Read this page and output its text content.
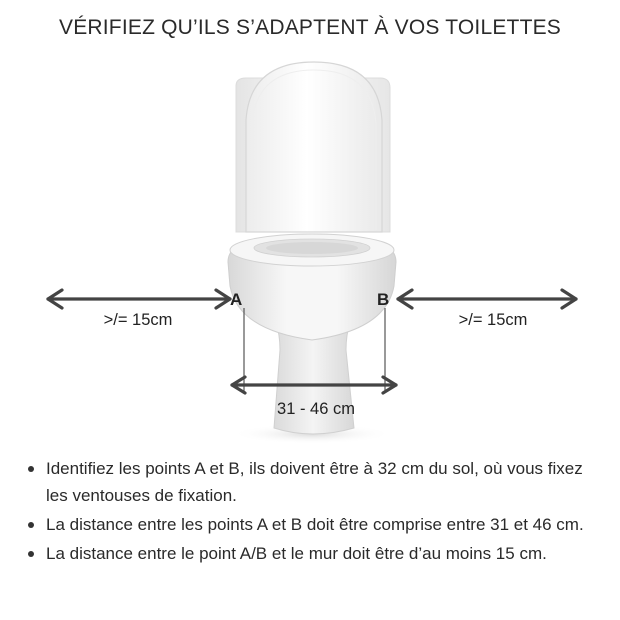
VÉRIFIEZ QU’ILS S’ADAPTENT À VOS TOILETTES
A	B
>/= 15cm	>/= 15cm
31 - 46 cm
Identifiez les points A et B, ils doivent être à 32 cm du sol, où vous fixez les ventouses de fixation.
La distance entre les points A et B doit être comprise entre 31 et 46 cm.
La distance entre le point A/B et le mur doit être d’au moins 15 cm.
